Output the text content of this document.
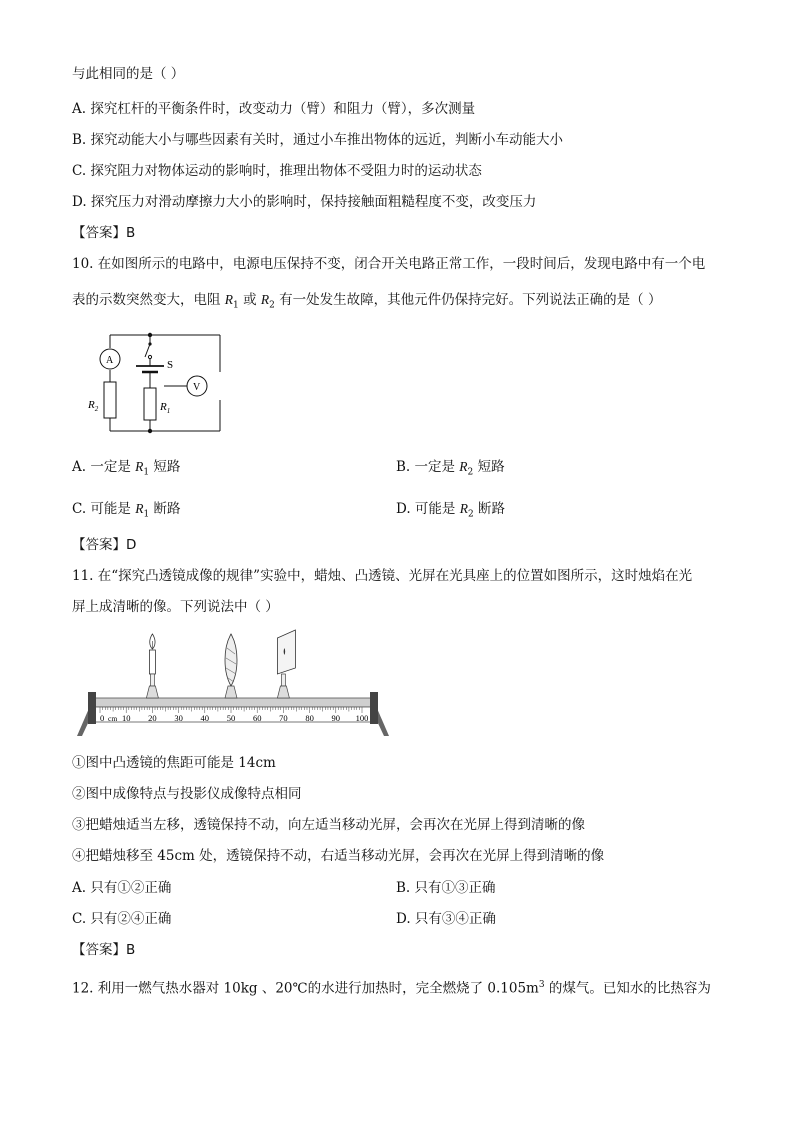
与此相同的是（ ）
A. 探究杠杆的平衡条件时，改变动力（臂）和阻力（臂），多次测量
B. 探究动能大小与哪些因素有关时，通过小车推出物体的远近，判断小车动能大小
C. 探究阻力对物体运动的影响时，推理出物体不受阻力时的运动状态
D. 探究压力对滑动摩擦力大小的影响时，保持接触面粗糙程度不变，改变压力
【答案】B
10. 在如图所示的电路中，电源电压保持不变，闭合开关电路正常工作，一段时间后，发现电路中有一个电
表的示数突然变大，电阻 $R_1$ 或 $R_2$ 有一处发生故障，其他元件仍保持完好。下列说法正确的是（ ）
A
V
S
$R_2$	$R_1$
A. 一定是 $R_1$ 短路	B. 一定是 $R_2$ 短路
C. 可能是 $R_1$ 断路	D. 可能是 $R_2$ 断路
【答案】D
11. 在“探究凸透镜成像的规律”实验中，蜡烛、凸透镜、光屏在光具座上的位置如图所示，这时烛焰在光
屏上成清晰的像。下列说法中（ ）
0 cm 10 20 30 40 50 60 70 80 90 100
①图中凸透镜的焦距可能是 14cm
②图中成像特点与投影仪成像特点相同
③把蜡烛适当左移，透镜保持不动，向左适当移动光屏，会再次在光屏上得到清晰的像
④把蜡烛移至 45cm 处，透镜保持不动，右适当移动光屏，会再次在光屏上得到清晰的像
A. 只有①②正确	B. 只有①③正确
C. 只有②④正确	D. 只有③④正确
【答案】B
12. 利用一燃气热水器对 10kg 、20℃的水进行加热时，完全燃烧了 $0.105m^3$ 的煤气。已知水的比热容为
